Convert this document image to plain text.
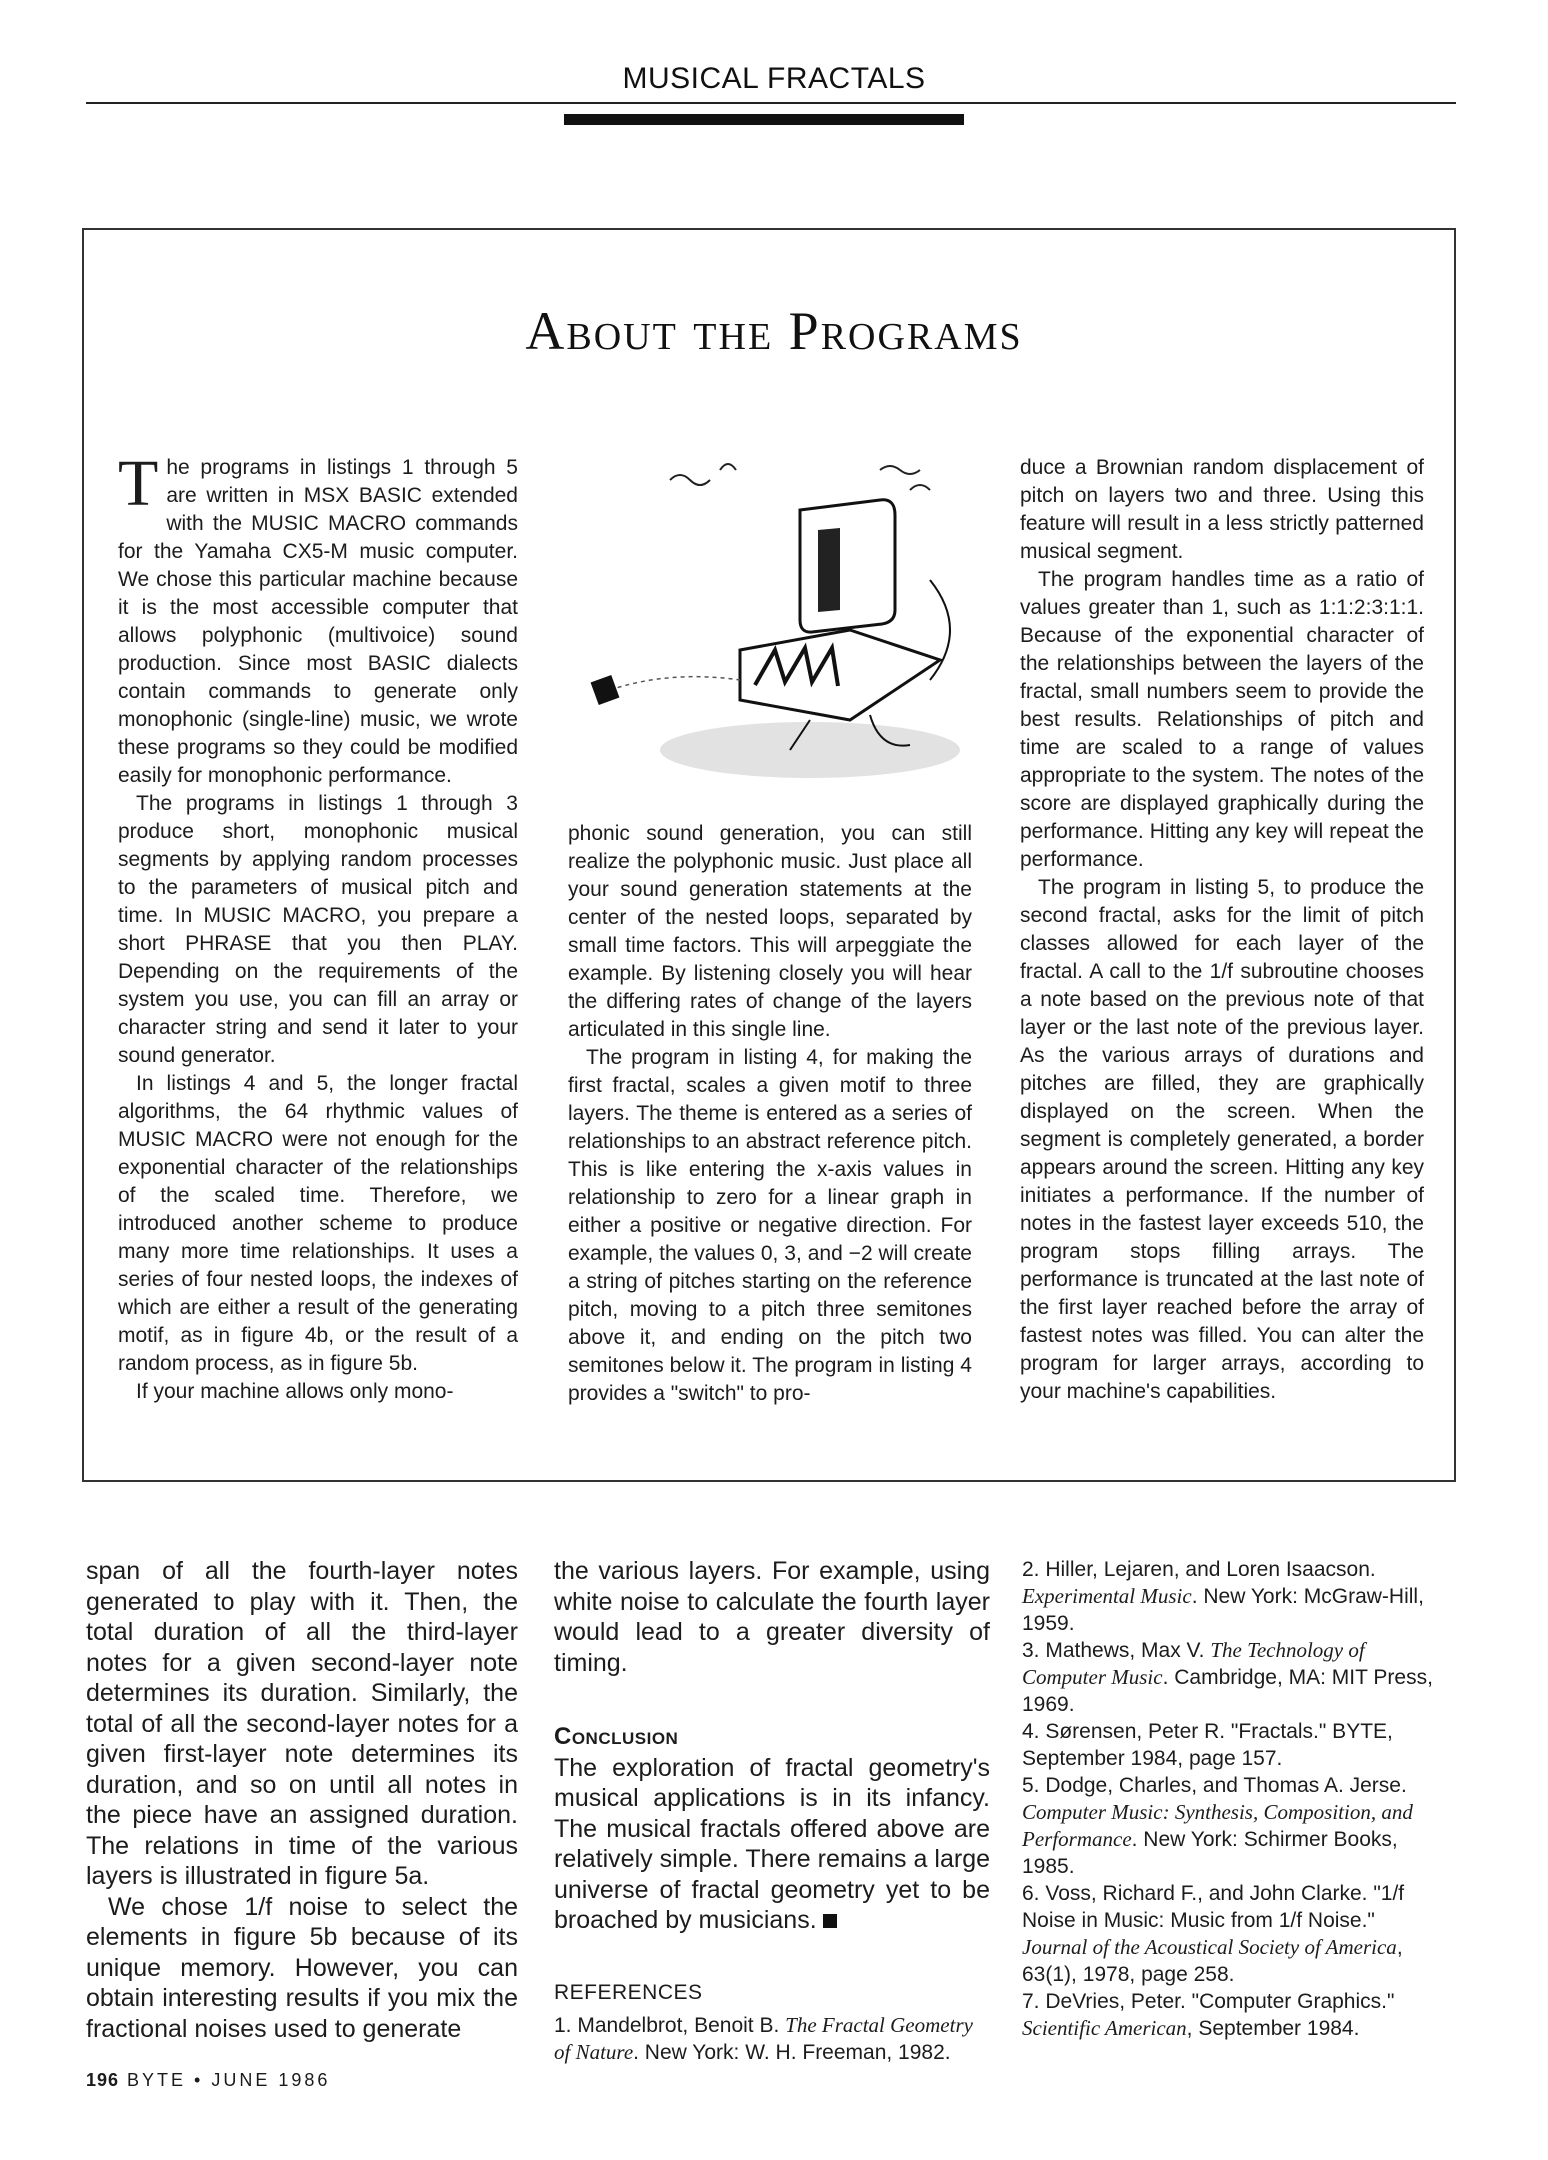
MUSICAL FRACTALS
About the Programs

The programs in listings 1 through 5 are written in MSX BASIC extended with the MUSIC MACRO commands for the Yamaha CX5-M music computer. We chose this particular machine because it is the most accessible computer that allows polyphonic (multivoice) sound production. Since most BASIC dialects contain commands to generate only monophonic (single-line) music, we wrote these programs so they could be modified easily for monophonic performance.

The programs in listings 1 through 3 produce short, monophonic musical segments by applying random processes to the parameters of musical pitch and time. In MUSIC MACRO, you prepare a short PHRASE that you then PLAY. Depending on the requirements of the system you use, you can fill an array or character string and send it later to your sound generator.

In listings 4 and 5, the longer fractal algorithms, the 64 rhythmic values of MUSIC MACRO were not enough for the exponential character of the relationships of the scaled time. Therefore, we introduced another scheme to produce many more time relationships. It uses a series of four nested loops, the indexes of which are either a result of the generating motif, as in figure 4b, or the result of a random process, as in figure 5b.

If your machine allows only mono-

phonic sound generation, you can still realize the polyphonic music. Just place all your sound generation statements at the center of the nested loops, separated by small time factors. This will arpeggiate the example. By listening closely you will hear the differing rates of change of the layers articulated in this single line.

The program in listing 4, for making the first fractal, scales a given motif to three layers. The theme is entered as a series of relationships to an abstract reference pitch. This is like entering the x-axis values in relationship to zero for a linear graph in either a positive or negative direction. For example, the values 0, 3, and −2 will create a string of pitches starting on the reference pitch, moving to a pitch three semitones above it, and ending on the pitch two semitones below it. The program in listing 4 provides a "switch" to pro-

duce a Brownian random displacement of pitch on layers two and three. Using this feature will result in a less strictly patterned musical segment.

The program handles time as a ratio of values greater than 1, such as 1:1:2:3:1:1. Because of the exponential character of the relationships between the layers of the fractal, small numbers seem to provide the best results. Relationships of pitch and time are scaled to a range of values appropriate to the system. The notes of the score are displayed graphically during the performance. Hitting any key will repeat the performance.

The program in listing 5, to produce the second fractal, asks for the limit of pitch classes allowed for each layer of the fractal. A call to the 1/f subroutine chooses a note based on the previous note of that layer or the last note of the previous layer. As the various arrays of durations and pitches are filled, they are graphically displayed on the screen. When the segment is completely generated, a border appears around the screen. Hitting any key initiates a performance. If the number of notes in the fastest layer exceeds 510, the program stops filling arrays. The performance is truncated at the last note of the first layer reached before the array of fastest notes was filled. You can alter the program for larger arrays, according to your machine's capabilities.

span of all the fourth-layer notes generated to play with it. Then, the total duration of all the third-layer notes for a given second-layer note determines its duration. Similarly, the total of all the second-layer notes for a given first-layer note determines its duration, and so on until all notes in the piece have an assigned duration. The relations in time of the various layers is illustrated in figure 5a.

We chose 1/f noise to select the elements in figure 5b because of its unique memory. However, you can obtain interesting results if you mix the fractional noises used to generate

the various layers. For example, using white noise to calculate the fourth layer would lead to a greater diversity of timing.

Conclusion

The exploration of fractal geometry's musical applications is in its infancy. The musical fractals offered above are relatively simple. There remains a large universe of fractal geometry yet to be broached by musicians.

REFERENCES

1. Mandelbrot, Benoit B. The Fractal Geometry of Nature. New York: W. H. Freeman, 1982.

2. Hiller, Lejaren, and Loren Isaacson. Experimental Music. New York: McGraw-Hill, 1959.

3. Mathews, Max V. The Technology of Computer Music. Cambridge, MA: MIT Press, 1969.

4. Sørensen, Peter R. "Fractals." BYTE, September 1984, page 157.

5. Dodge, Charles, and Thomas A. Jerse. Computer Music: Synthesis, Composition, and Performance. New York: Schirmer Books, 1985.

6. Voss, Richard F., and John Clarke. "1/f Noise in Music: Music from 1/f Noise." Journal of the Acoustical Society of America, 63(1), 1978, page 258.

7. DeVries, Peter. "Computer Graphics." Scientific American, September 1984.

196 BYTE • JUNE 1986
